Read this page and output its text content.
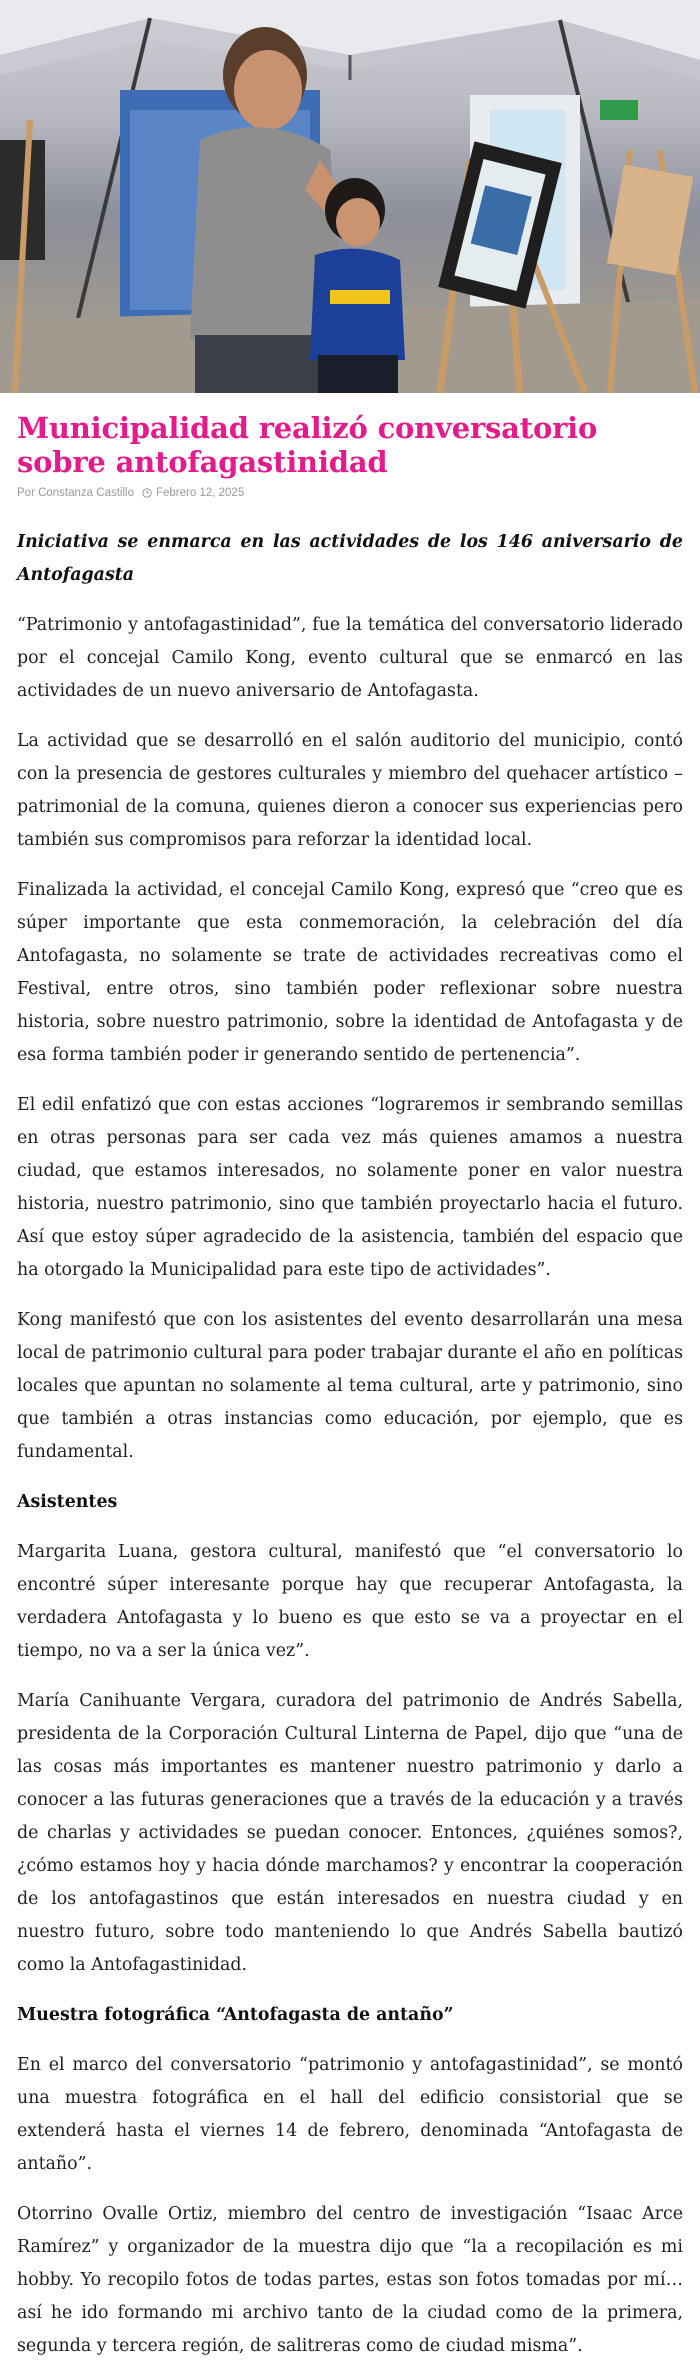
Municipalidad realizó conversatorio sobre antofagastinidad
Por Constanza Castillo Febrero 12, 2025

Iniciativa se enmarca en las actividades de los 146 aniversario de Antofagasta

“Patrimonio y antofagastinidad”, fue la temática del conversatorio liderado por el concejal Camilo Kong, evento cultural que se enmarcó en las actividades de un nuevo aniversario de Antofagasta.

La actividad que se desarrolló en el salón auditorio del municipio, contó con la presencia de gestores culturales y miembro del quehacer artístico – patrimonial de la comuna, quienes dieron a conocer sus experiencias pero también sus compromisos para reforzar la identidad local.

Finalizada la actividad, el concejal Camilo Kong, expresó que “creo que es súper importante que esta conmemoración, la celebración del día Antofagasta, no solamente se trate de actividades recreativas como el Festival, entre otros, sino también poder reflexionar sobre nuestra historia, sobre nuestro patrimonio, sobre la identidad de Antofagasta y de esa forma también poder ir generando sentido de pertenencia”.

El edil enfatizó que con estas acciones “lograremos ir sembrando semillas en otras personas para ser cada vez más quienes amamos a nuestra ciudad, que estamos interesados, no solamente poner en valor nuestra historia, nuestro patrimonio, sino que también proyectarlo hacia el futuro. Así que estoy súper agradecido de la asistencia, también del espacio que ha otorgado la Municipalidad para este tipo de actividades”.

Kong manifestó que con los asistentes del evento desarrollarán una mesa local de patrimonio cultural para poder trabajar durante el año en políticas locales que apuntan no solamente al tema cultural, arte y patrimonio, sino que también a otras instancias como educación, por ejemplo, que es fundamental.

Asistentes

Margarita Luana, gestora cultural, manifestó que “el conversatorio lo encontré súper interesante porque hay que recuperar Antofagasta, la verdadera Antofagasta y lo bueno es que esto se va a proyectar en el tiempo, no va a ser la única vez”.

María Canihuante Vergara, curadora del patrimonio de Andrés Sabella, presidenta de la Corporación Cultural Linterna de Papel, dijo que “una de las cosas más importantes es mantener nuestro patrimonio y darlo a conocer a las futuras generaciones que a través de la educación y a través de charlas y actividades se puedan conocer. Entonces, ¿quiénes somos?, ¿cómo estamos hoy y hacia dónde marchamos? y encontrar la cooperación de los antofagastinos que están interesados en nuestra ciudad y en nuestro futuro, sobre todo manteniendo lo que Andrés Sabella bautizó como la Antofagastinidad.

Muestra fotográfica “Antofagasta de antaño”

En el marco del conversatorio “patrimonio y antofagastinidad”, se montó una muestra fotográfica en el hall del edificio consistorial que se extenderá hasta el viernes 14 de febrero, denominada “Antofagasta de antaño”.

Otorrino Ovalle Ortiz, miembro del centro de investigación “Isaac Arce Ramírez” y organizador de la muestra dijo que “la a recopilación es mi hobby. Yo recopilo fotos de todas partes, estas son fotos tomadas por mí… así he ido formando mi archivo tanto de la ciudad como de la primera, segunda y tercera región, de salitreras como de ciudad misma”.
